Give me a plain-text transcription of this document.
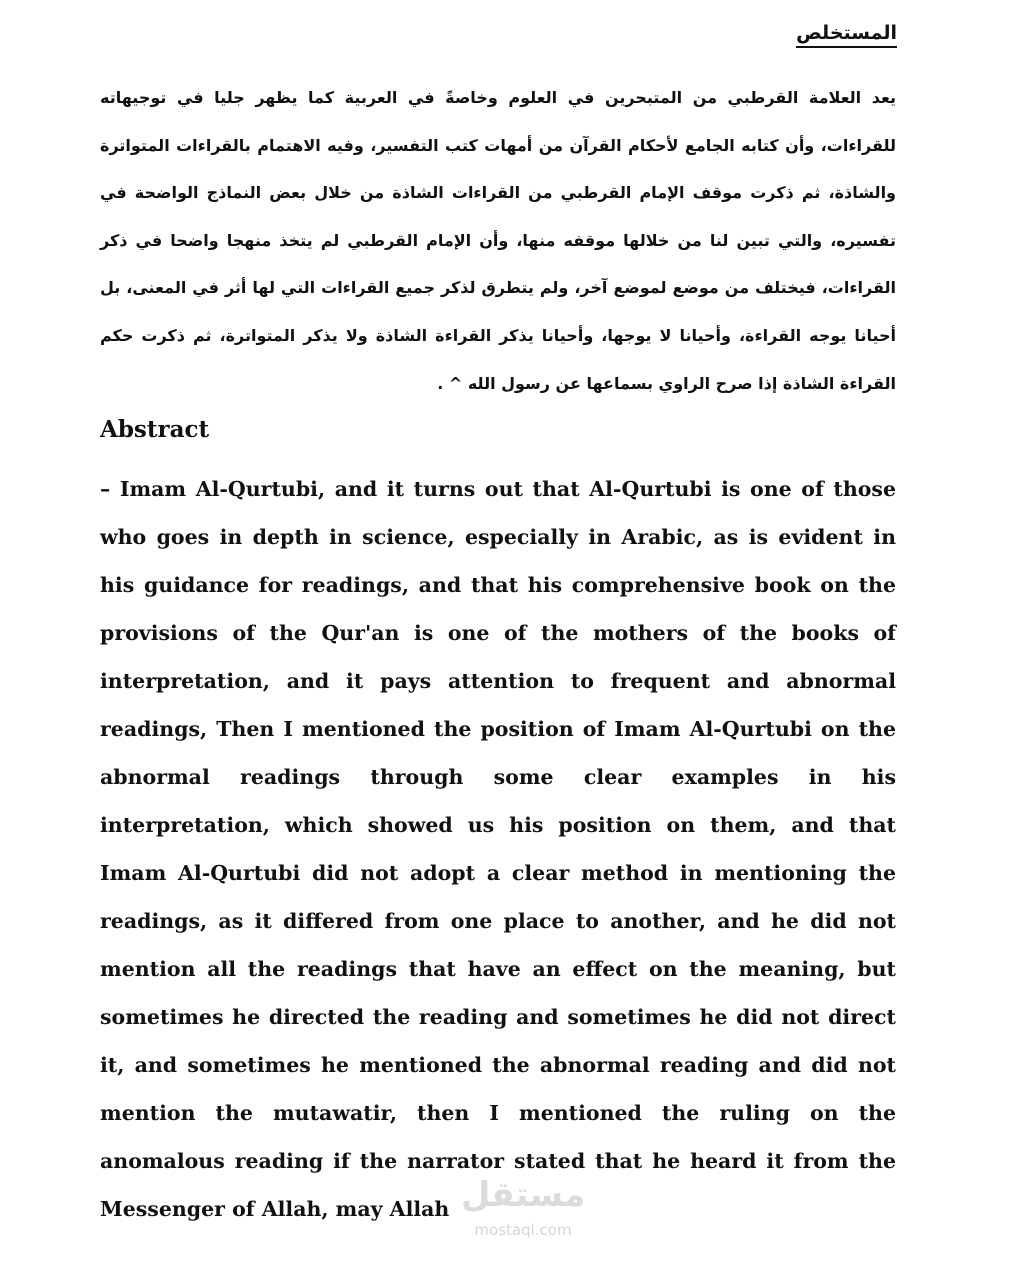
المستخلص
يعد العلامة القرطبي من المتبحرين في العلوم وخاصةً في العربية كما يظهر جليا في توجيهاته للقراءات، وأن كتابه الجامع لأحكام القرآن من أمهات كتب التفسير، وفيه الاهتمام بالقراءات المتواترة والشاذة، ثم ذكرت موقف الإمام القرطبي من القراءات الشاذة من خلال بعض النماذج الواضحة في تفسيره، والتي تبين لنا من خلالها موقفه منها، وأن الإمام القرطبي لم يتخذ منهجا واضحا في ذكر القراءات، فيختلف من موضع لموضع آخر، ولم يتطرق لذكر جميع القراءات التي لها أثر في المعنى، بل أحيانا يوجه القراءة، وأحيانا لا يوجها، وأحيانا يذكر القراءة الشاذة ولا يذكر المتواترة، ثم ذكرت حكم القراءة الشاذة إذا صرح الراوي بسماعها عن رسول الله ^ .
Abstract
– Imam Al-Qurtubi, and it turns out that Al-Qurtubi is one of those who goes in depth in science, especially in Arabic, as is evident in his guidance for readings, and that his comprehensive book on the provisions of the Qur'an is one of the mothers of the books of interpretation, and it pays attention to frequent and abnormal readings, Then I mentioned the position of Imam Al-Qurtubi on the abnormal readings through some clear examples in his interpretation, which showed us his position on them, and that Imam Al-Qurtubi did not adopt a clear method in mentioning the readings, as it differed from one place to another, and he did not mention all the readings that have an effect on the meaning, but sometimes he directed the reading and sometimes he did not direct it, and sometimes he mentioned the abnormal reading and did not mention the mutawatir, then I mentioned the ruling on the anomalous reading if the narrator stated that he heard it from the Messenger of Allah, may Allah مستقل
mostaql.com
